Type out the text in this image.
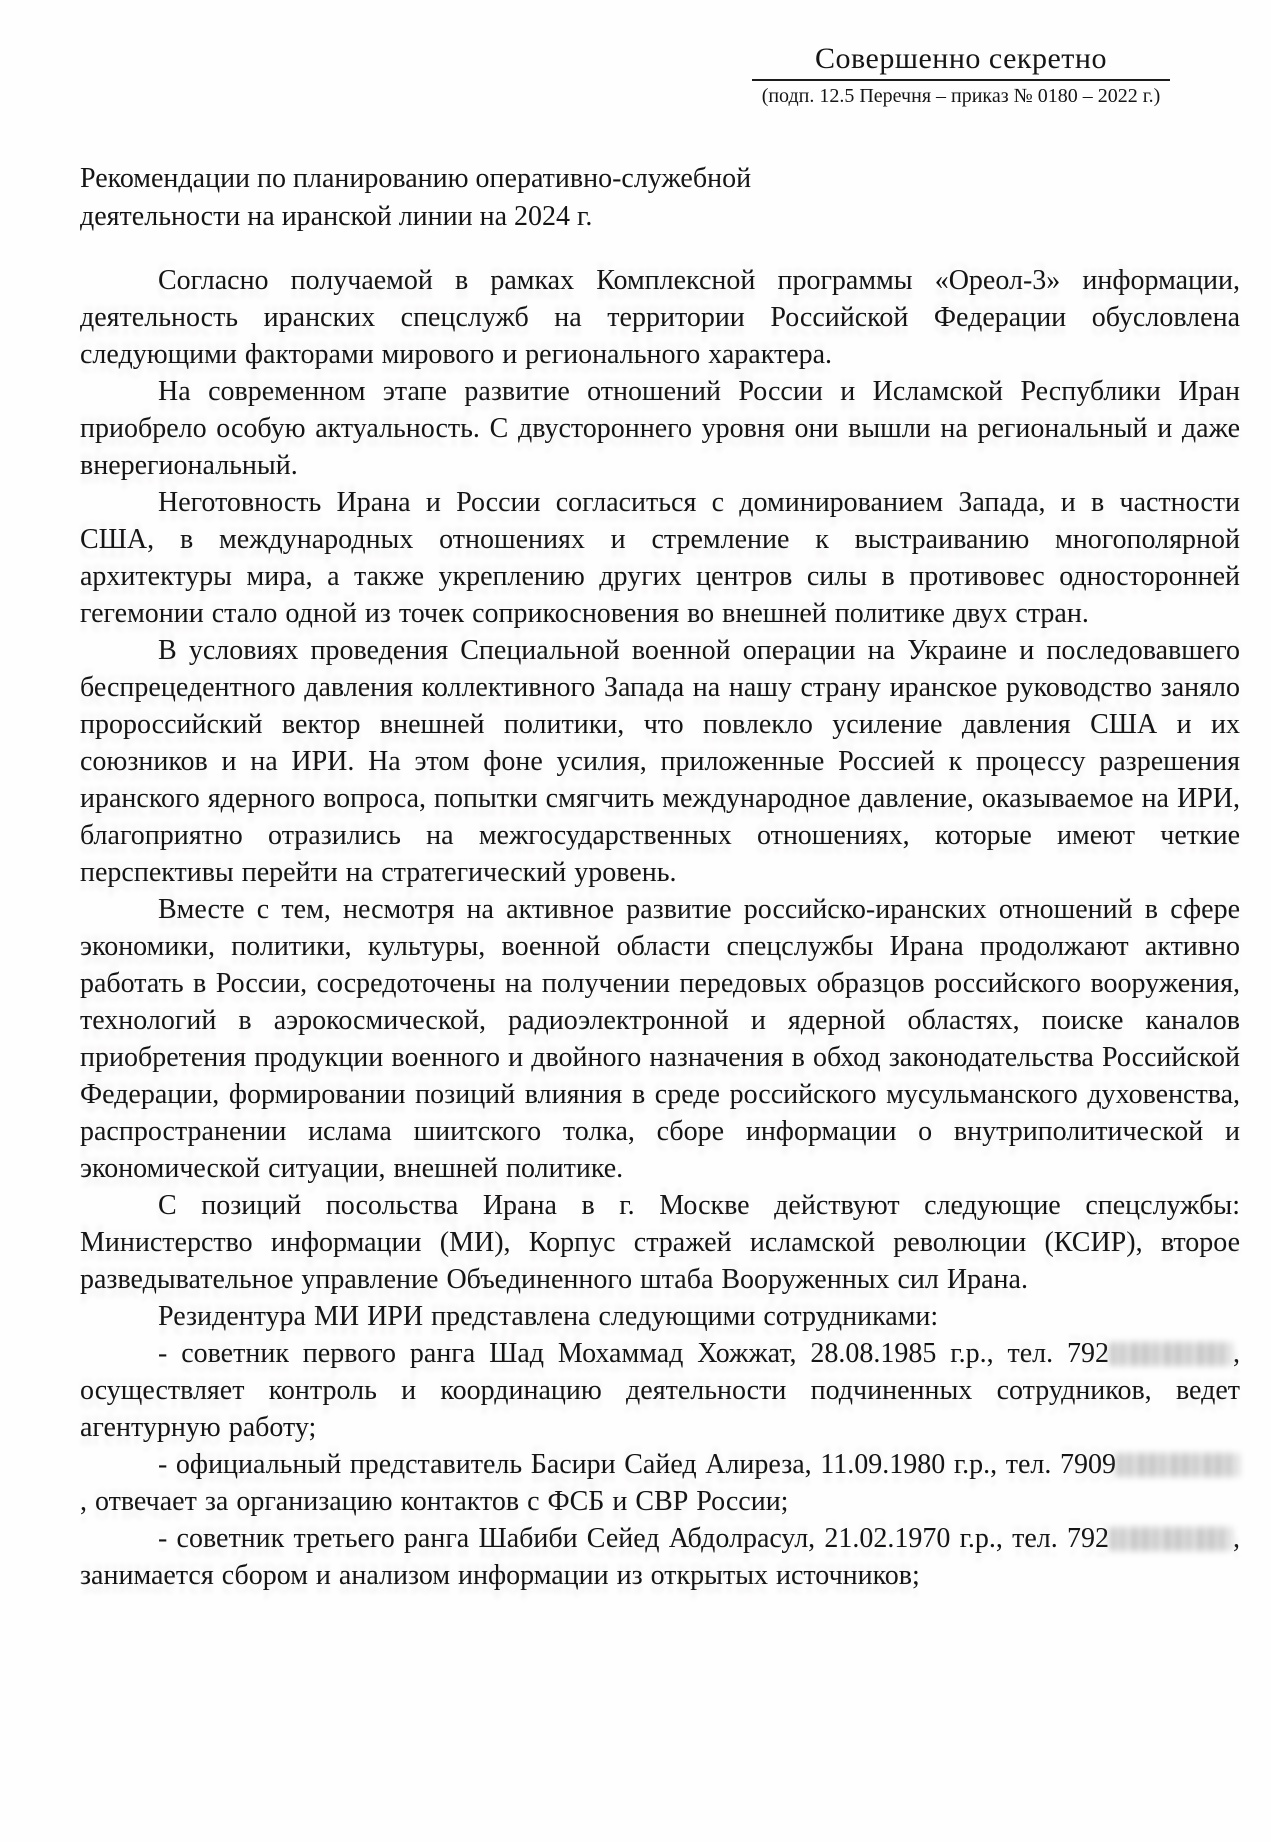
Совершенно секретно
(подп. 12.5 Перечня – приказ № 0180 – 2022 г.)
Рекомендации по планированию оперативно-служебной
деятельности на иранской линии на 2024 г.

Согласно получаемой в рамках Комплексной программы «Ореол-3» информации, деятельность иранских спецслужб на территории Российской Федерации обусловлена следующими факторами мирового и регионального характера.

На современном этапе развитие отношений России и Исламской Республики Иран приобрело особую актуальность. С двустороннего уровня они вышли на региональный и даже внерегиональный.

Неготовность Ирана и России согласиться с доминированием Запада, и в частности США, в международных отношениях и стремление к выстраиванию многополярной архитектуры мира, а также укреплению других центров силы в противовес односторонней гегемонии стало одной из точек соприкосновения во внешней политике двух стран.

В условиях проведения Специальной военной операции на Украине и последовавшего беспрецедентного давления коллективного Запада на нашу страну иранское руководство заняло пророссийский вектор внешней политики, что повлекло усиление давления США и их союзников и на ИРИ. На этом фоне усилия, приложенные Россией к процессу разрешения иранского ядерного вопроса, попытки смягчить международное давление, оказываемое на ИРИ, благоприятно отразились на межгосударственных отношениях, которые имеют четкие перспективы перейти на стратегический уровень.

Вместе с тем, несмотря на активное развитие российско-иранских отношений в сфере экономики, политики, культуры, военной области спецслужбы Ирана продолжают активно работать в России, сосредоточены на получении передовых образцов российского вооружения, технологий в аэрокосмической, радиоэлектронной и ядерной областях, поиске каналов приобретения продукции военного и двойного назначения в обход законодательства Российской Федерации, формировании позиций влияния в среде российского мусульманского духовенства, распространении ислама шиитского толка, сборе информации о внутриполитической и экономической ситуации, внешней политике.

С позиций посольства Ирана в г. Москве действуют следующие спецслужбы: Министерство информации (МИ), Корпус стражей исламской революции (КСИР), второе разведывательное управление Объединенного штаба Вооруженных сил Ирана.

Резидентура МИ ИРИ представлена следующими сотрудниками:

- советник первого ранга Шад Мохаммад Хожжат, 28.08.1985 г.р., тел. 792	, осуществляет контроль и координацию деятельности подчиненных сотрудников, ведет агентурную работу;

- официальный представитель Басири Сайед Алиреза, 11.09.1980 г.р., тел. 7909, отвечает за организацию контактов с ФСБ и СВР России;

- советник третьего ранга Шабиби Сейед Абдолрасул, 21.02.1970 г.р., тел. 792	, занимается сбором и анализом информации из открытых источников;
